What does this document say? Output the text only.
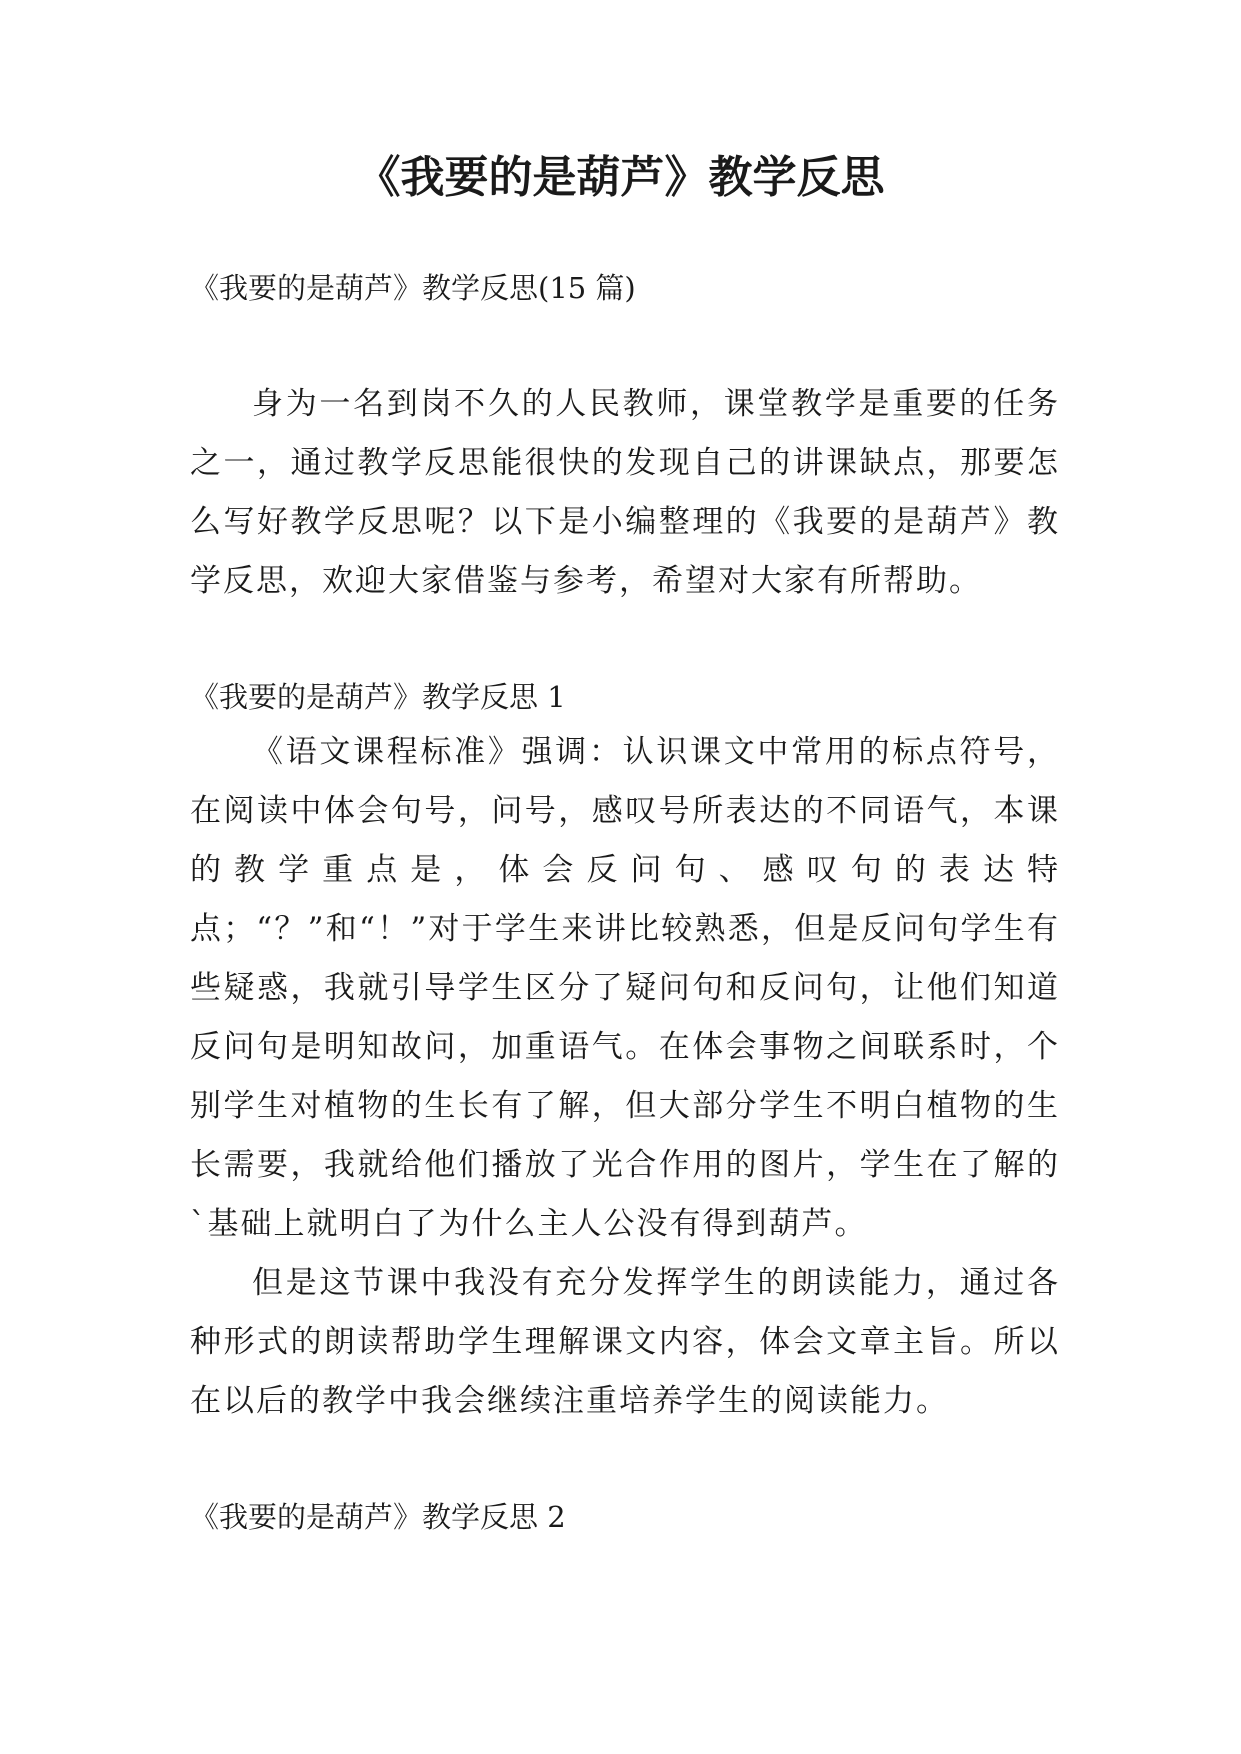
《我要的是葫芦》教学反思

《我要的是葫芦》教学反思(15 篇)

身为一名到岗不久的人民教师，课堂教学是重要的任务之一，通过教学反思能很快的发现自己的讲课缺点，那要怎么写好教学反思呢？以下是小编整理的《我要的是葫芦》教学反思，欢迎大家借鉴与参考，希望对大家有所帮助。

《我要的是葫芦》教学反思 1

《语文课程标准》强调：认识课文中常用的标点符号，在阅读中体会句号，问号，感叹号所表达的不同语气，本课的教学重点是，体会反问句、感叹句的表达特点；“？”和“！”对于学生来讲比较熟悉，但是反问句学生有些疑惑，我就引导学生区分了疑问句和反问句，让他们知道反问句是明知故问，加重语气。在体会事物之间联系时，个别学生对植物的生长有了解，但大部分学生不明白植物的生长需要，我就给他们播放了光合作用的图片，学生在了解的`基础上就明白了为什么主人公没有得到葫芦。

但是这节课中我没有充分发挥学生的朗读能力，通过各种形式的朗读帮助学生理解课文内容，体会文章主旨。所以在以后的教学中我会继续注重培养学生的阅读能力。

《我要的是葫芦》教学反思 2
